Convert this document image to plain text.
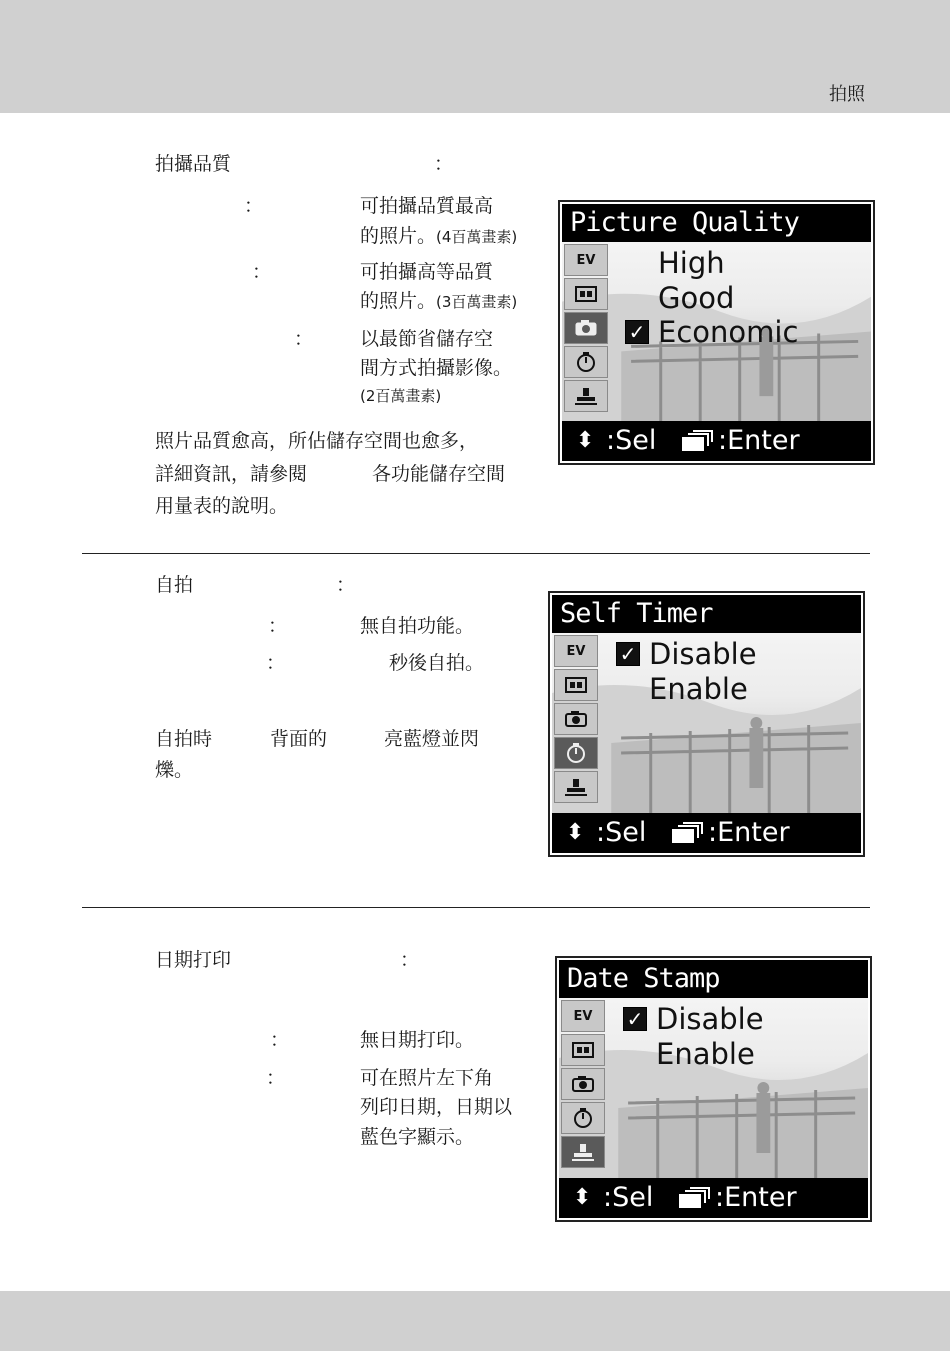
拍照
拍攝品質	：
：	可拍攝品質最高
的照片。(4百萬畫素)
：	可拍攝高等品質
的照片。(3百萬畫素)
： 以最節省儲存空
間方式拍攝影像。
(2百萬畫素)
照片品質愈高，所佔儲存空間也愈多，
詳細資訊，請參閱	各功能儲存空間
用量表的說明。
Picture Quality
EV High
Good
✓ Economic
⬍ :Sel :Enter
自拍	：
：	無自拍功能。
：	秒後自拍。
自拍時	背面的	亮藍燈並閃
爍。
Self Timer
EV ✓ Disable
Enable
⬍ :Sel :Enter
日期打印	：
：	無日期打印。
：	可在照片左下角
列印日期，日期以
藍色字顯示。
Date Stamp
EV ✓ Disable
Enable
⬍ :Sel :Enter
